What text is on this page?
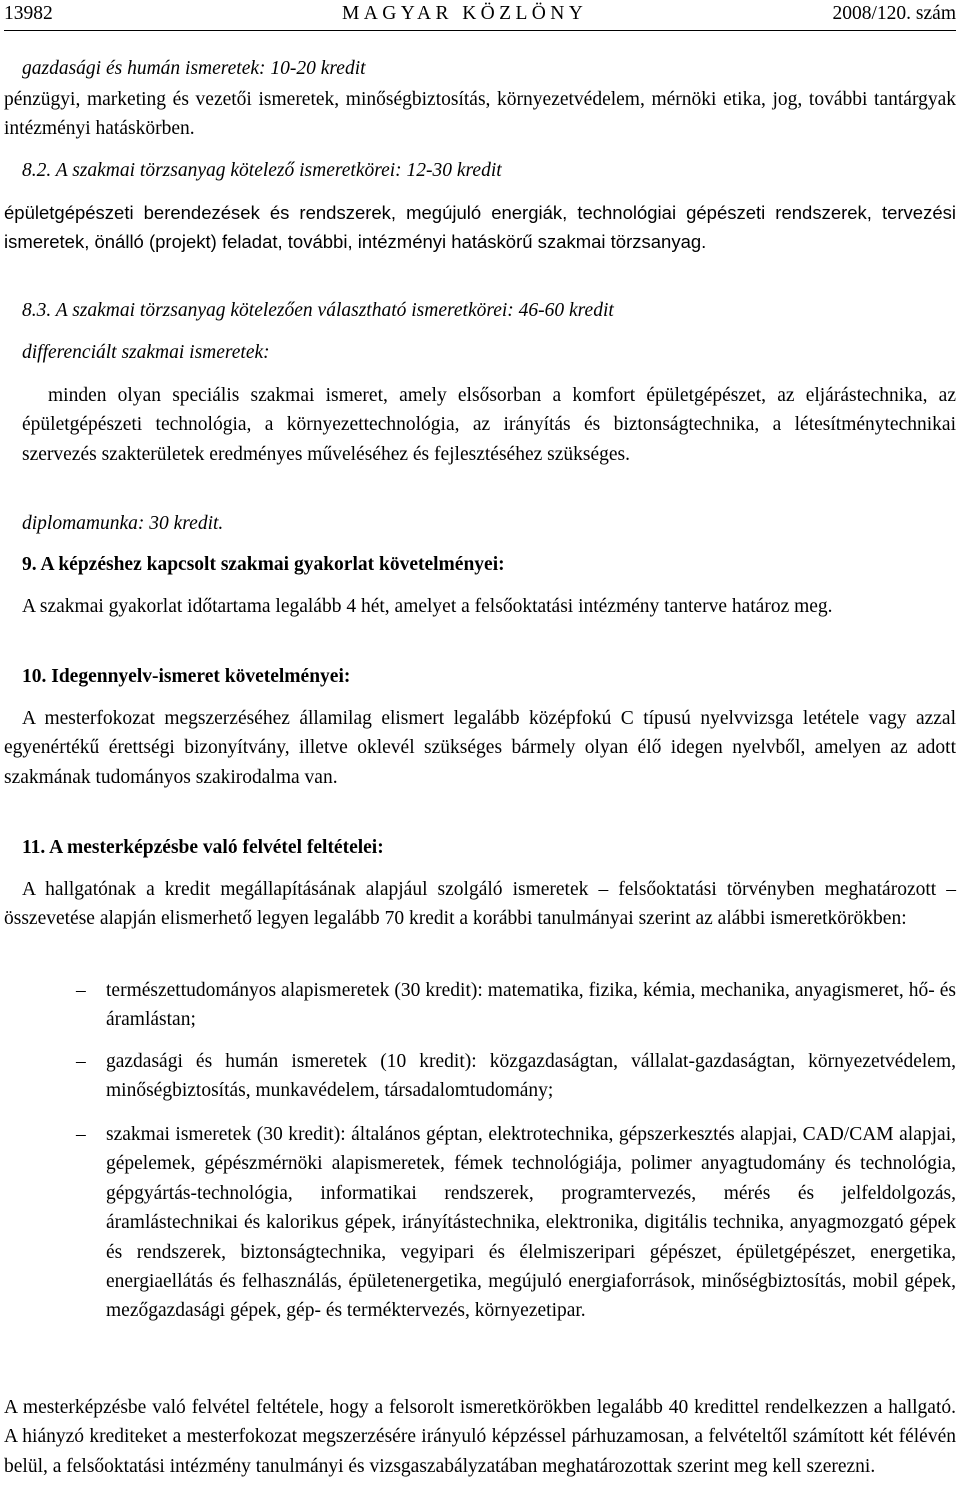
13982	MAGYAR KÖZLÖNY	2008/120. szám
gazdasági és humán ismeretek: 10-20 kredit
pénzügyi, marketing és vezetői ismeretek, minőségbiztosítás, környezetvédelem, mérnöki etika, jog, további tantárgyak intézményi hatáskörben.
8.2. A szakmai törzsanyag kötelező ismeretkörei: 12-30 kredit
épületgépészeti berendezések és rendszerek, megújuló energiák, technológiai gépészeti rendszerek, tervezési ismeretek, önálló (projekt) feladat, további, intézményi hatáskörű szakmai törzsanyag.
8.3. A szakmai törzsanyag kötelezően választható ismeretkörei: 46-60 kredit
differenciált szakmai ismeretek:
minden olyan speciális szakmai ismeret, amely elsősorban a komfort épületgépészet, az eljárástechnika, az épületgépészeti technológia, a környezettechnológia, az irányítás és biztonságtechnika, a létesítménytechnikai szervezés szakterületek eredményes műveléséhez és fejlesztéséhez szükséges.
diplomamunka: 30 kredit.
9. A képzéshez kapcsolt szakmai gyakorlat követelményei:
A szakmai gyakorlat időtartama legalább 4 hét, amelyet a felsőoktatási intézmény tanterve határoz meg.
10. Idegennyelv-ismeret követelményei:
A mesterfokozat megszerzéséhez államilag elismert legalább középfokú C típusú nyelvvizsga letétele vagy azzal egyenértékű érettségi bizonyítvány, illetve oklevél szükséges bármely olyan élő idegen nyelvből, amelyen az adott szakmának tudományos szakirodalma van.
11. A mesterképzésbe való felvétel feltételei:
A hallgatónak a kredit megállapításának alapjául szolgáló ismeretek – felsőoktatási törvényben meghatározott – összevetése alapján elismerhető legyen legalább 70 kredit a korábbi tanulmányai szerint az alábbi ismeretkörökben:
–	természettudományos alapismeretek (30 kredit): matematika, fizika, kémia, mechanika, anyagismeret, hő- és áramlástan;
–	gazdasági és humán ismeretek (10 kredit): közgazdaságtan, vállalat-gazdaságtan, környezetvédelem, minőségbiztosítás, munkavédelem, társadalomtudomány;
–	szakmai ismeretek (30 kredit): általános géptan, elektrotechnika, gépszerkesztés alapjai, CAD/CAM alapjai, gépelemek, gépészmérnöki alapismeretek, fémek technológiája, polimer anyagtudomány és technológia, gépgyártás-technológia, informatikai rendszerek, programtervezés, mérés és jelfeldolgozás, áramlástechnikai és kalorikus gépek, irányítástechnika, elektronika, digitális technika, anyagmozgató gépek és rendszerek, biztonságtechnika, vegyipari és élelmiszeripari gépészet, épületgépészet, energetika, energiaellátás és felhasználás, épületenergetika, megújuló energiaforrások, minőségbiztosítás, mobil gépek, mezőgazdasági gépek, gép- és terméktervezés, környezetipar.
A mesterképzésbe való felvétel feltétele, hogy a felsorolt ismeretkörökben legalább 40 kredittel rendelkezzen a hallgató. A hiányzó krediteket a mesterfokozat megszerzésére irányuló képzéssel párhuzamosan, a felvételtől számított két félévén belül, a felsőoktatási intézmény tanulmányi és vizsgaszabályzatában meghatározottak szerint meg kell szerezni.
